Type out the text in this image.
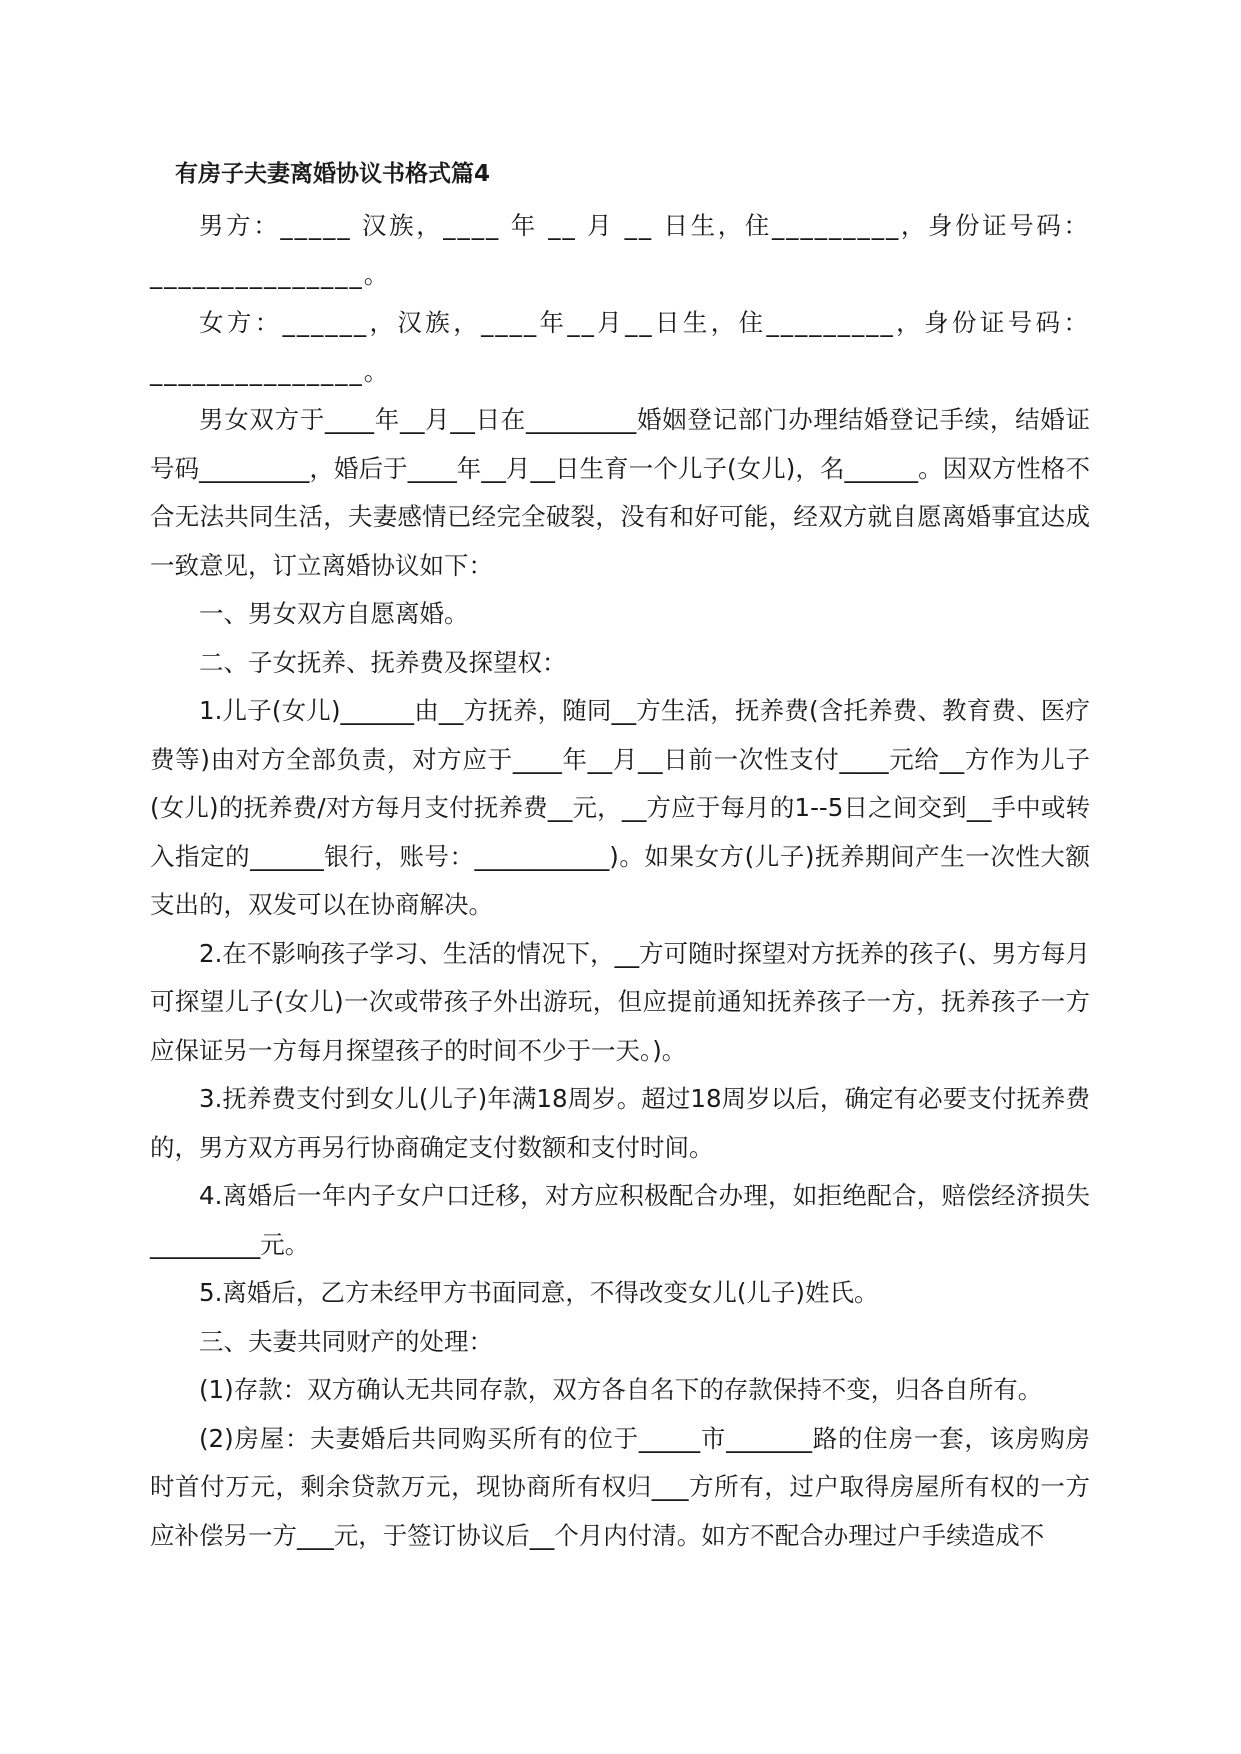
有房子夫妻离婚协议书格式篇4

男方：_____ 汉族，____ 年 __ 月 __ 日生，住_________，身份证号码：_______________。

女方：______，汉族，____年__月__日生，住_________，身份证号码：_______________。

男女双方于____年__月__日在_________婚姻登记部门办理结婚登记手续，结婚证号码_________，婚后于____年__月__日生育一个儿子(女儿)，名______。因双方性格不合无法共同生活，夫妻感情已经完全破裂，没有和好可能，经双方就自愿离婚事宜达成一致意见，订立离婚协议如下：

一、男女双方自愿离婚。

二、子女抚养、抚养费及探望权：

1.儿子(女儿)______由__方抚养，随同__方生活，抚养费(含托养费、教育费、医疗费等)由对方全部负责，对方应于____年__月__日前一次性支付____元给__方作为儿子(女儿)的抚养费/对方每月支付抚养费__元，__方应于每月的1--5日之间交到__手中或转入指定的______银行，账号：___________)。如果女方(儿子)抚养期间产生一次性大额支出的，双发可以在协商解决。

2.在不影响孩子学习、生活的情况下，__方可随时探望对方抚养的孩子(、男方每月可探望儿子(女儿)一次或带孩子外出游玩，但应提前通知抚养孩子一方，抚养孩子一方应保证另一方每月探望孩子的时间不少于一天。)。

3.抚养费支付到女儿(儿子)年满18周岁。超过18周岁以后，确定有必要支付抚养费的，男方双方再另行协商确定支付数额和支付时间。

4.离婚后一年内子女户口迁移，对方应积极配合办理，如拒绝配合，赔偿经济损失_________元。

5.离婚后，乙方未经甲方书面同意，不得改变女儿(儿子)姓氏。

三、夫妻共同财产的处理：

(1)存款：双方确认无共同存款，双方各自名下的存款保持不变，归各自所有。

(2)房屋：夫妻婚后共同购买所有的位于_____市_______路的住房一套，该房购房时首付万元，剩余贷款万元，现协商所有权归___方所有，过户取得房屋所有权的一方应补偿另一方___元，于签订协议后__个月内付清。如方不配合办理过户手续造成不
